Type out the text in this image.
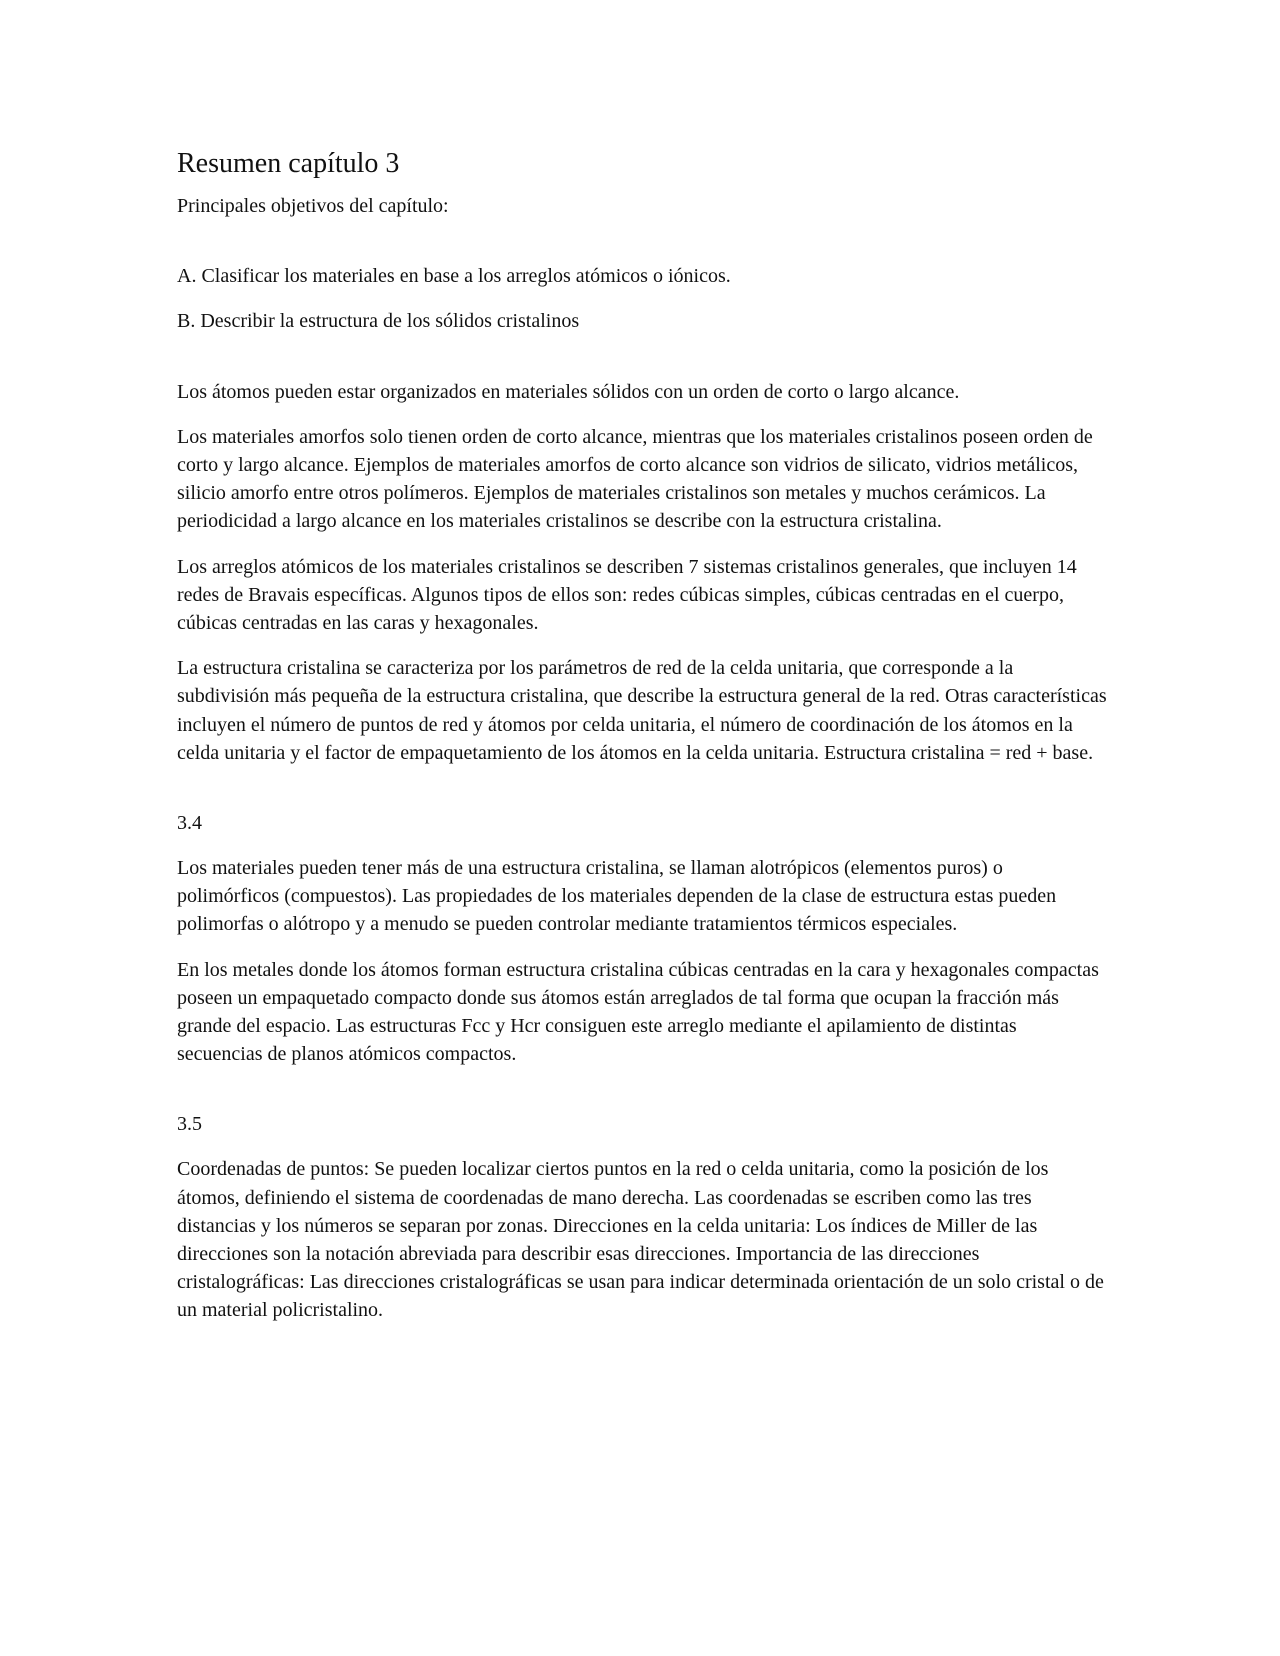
Resumen capítulo 3

Principales objetivos del capítulo:

A. Clasificar los materiales en base a los arreglos atómicos o iónicos.

B. Describir la estructura de los sólidos cristalinos

Los átomos pueden estar organizados en materiales sólidos con un orden de corto o largo alcance.

Los materiales amorfos solo tienen orden de corto alcance, mientras que los materiales cristalinos poseen orden de corto y largo alcance. Ejemplos de materiales amorfos de corto alcance son vidrios de silicato, vidrios metálicos, silicio amorfo entre otros polímeros. Ejemplos de materiales cristalinos son metales y muchos cerámicos. La periodicidad a largo alcance en los materiales cristalinos se describe con la estructura cristalina.

Los arreglos atómicos de los materiales cristalinos se describen 7 sistemas cristalinos generales, que incluyen 14 redes de Bravais específicas. Algunos tipos de ellos son: redes cúbicas simples, cúbicas centradas en el cuerpo, cúbicas centradas en las caras y hexagonales.

La estructura cristalina se caracteriza por los parámetros de red de la celda unitaria, que corresponde a la subdivisión más pequeña de la estructura cristalina, que describe la estructura general de la red. Otras características incluyen el número de puntos de red y átomos por celda unitaria, el número de coordinación de los átomos en la celda unitaria y el factor de empaquetamiento de los átomos en la celda unitaria. Estructura cristalina = red + base.

3.4

Los materiales pueden tener más de una estructura cristalina, se llaman alotrópicos (elementos puros) o polimórficos (compuestos). Las propiedades de los materiales dependen de la clase de estructura estas pueden polimorfas o alótropo y a menudo se pueden controlar mediante tratamientos térmicos especiales.

En los metales donde los átomos forman estructura cristalina cúbicas centradas en la cara y hexagonales compactas poseen un empaquetado compacto donde sus átomos están arreglados de tal forma que ocupan la fracción más grande del espacio. Las estructuras Fcc y Hcr consiguen este arreglo mediante el apilamiento de distintas secuencias de planos atómicos compactos.

3.5

Coordenadas de puntos: Se pueden localizar ciertos puntos en la red o celda unitaria, como la posición de los átomos, definiendo el sistema de coordenadas de mano derecha. Las coordenadas se escriben como las tres distancias y los números se separan por zonas. Direcciones en la celda unitaria: Los índices de Miller de las direcciones son la notación abreviada para describir esas direcciones. Importancia de las direcciones cristalográficas: Las direcciones cristalográficas se usan para indicar determinada orientación de un solo cristal o de un material policristalino.
